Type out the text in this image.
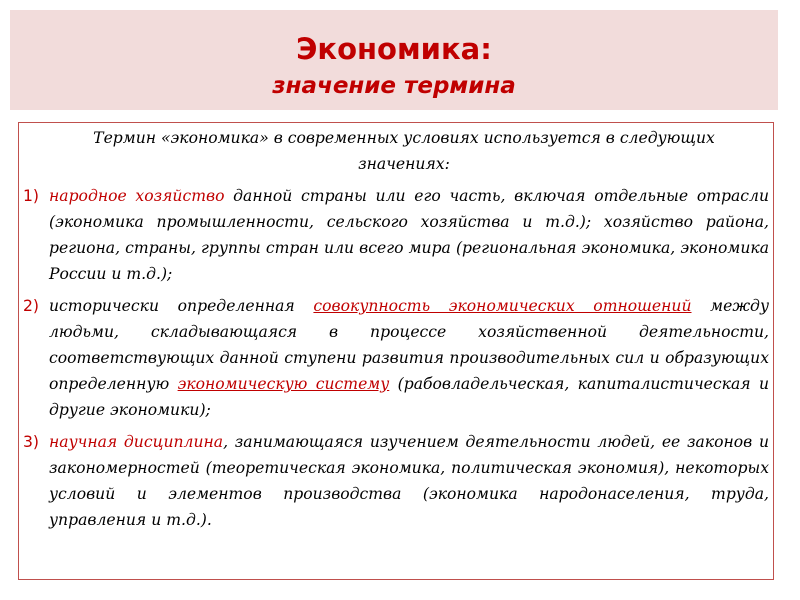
Экономика:
значение термина
Термин «экономика» в современных условиях используется в следующих значениях:
1) народное хозяйство данной страны или его часть, включая отдельные отрасли (экономика промышленности, сельского хозяйства и т.д.); хозяйство района, региона, страны, группы стран или всего мира (региональная экономика, экономика России и т.д.);
2) исторически определенная совокупность экономических отношений между людьми, складывающаяся в процессе хозяйственной деятельности, соответствующих данной ступени развития производительных сил и образующих определенную экономическую систему (рабовладельческая, капиталистическая и другие экономики);
3) научная дисциплина, занимающаяся изучением деятельности людей, ее законов и закономерностей (теоретическая экономика, политическая экономия), некоторых условий и элементов производства (экономика народонаселения, труда, управления и т.д.).
